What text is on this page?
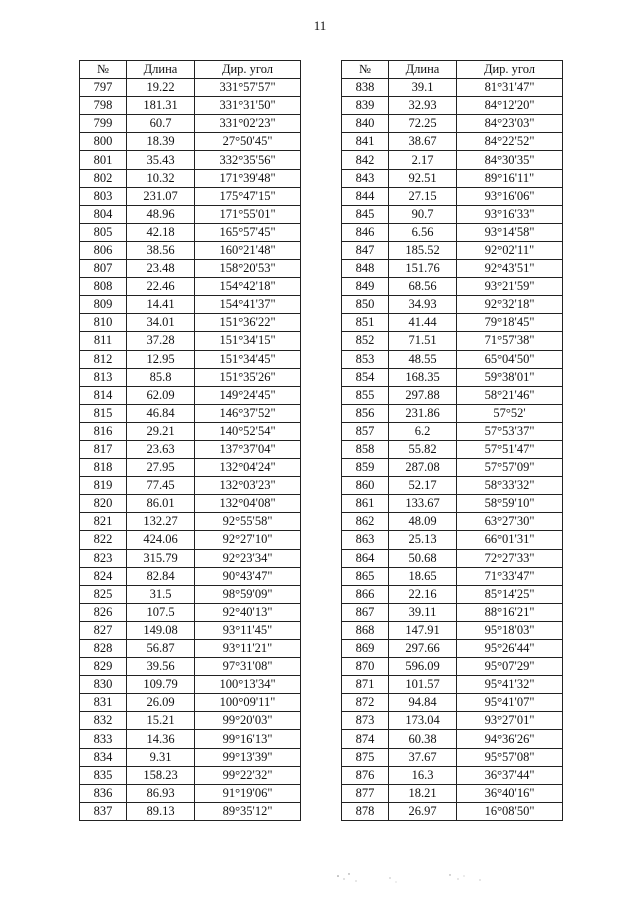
11
№	Длина	Дир. угол
797	19.22	331°57'57"
798	181.31	331°31'50"
799	60.7	331°02'23"
800	18.39	27°50'45"
801	35.43	332°35'56"
802	10.32	171°39'48"
803	231.07	175°47'15"
804	48.96	171°55'01"
805	42.18	165°57'45"
806	38.56	160°21'48"
807	23.48	158°20'53"
808	22.46	154°42'18"
809	14.41	154°41'37"
810	34.01	151°36'22"
811	37.28	151°34'15"
812	12.95	151°34'45"
813	85.8	151°35'26"
814	62.09	149°24'45"
815	46.84	146°37'52"
816	29.21	140°52'54"
817	23.63	137°37'04"
818	27.95	132°04'24"
819	77.45	132°03'23"
820	86.01	132°04'08"
821	132.27	92°55'58"
822	424.06	92°27'10"
823	315.79	92°23'34"
824	82.84	90°43'47"
825	31.5	98°59'09"
826	107.5	92°40'13"
827	149.08	93°11'45"
828	56.87	93°11'21"
829	39.56	97°31'08"
830	109.79	100°13'34"
831	26.09	100°09'11"
832	15.21	99°20'03"
833	14.36	99°16'13"
834	9.31	99°13'39"
835	158.23	99°22'32"
836	86.93	91°19'06"
837	89.13	89°35'12"
№	Длина	Дир. угол
838	39.1	81°31'47"
839	32.93	84°12'20"
840	72.25	84°23'03"
841	38.67	84°22'52"
842	2.17	84°30'35"
843	92.51	89°16'11"
844	27.15	93°16'06"
845	90.7	93°16'33"
846	6.56	93°14'58"
847	185.52	92°02'11"
848	151.76	92°43'51"
849	68.56	93°21'59"
850	34.93	92°32'18"
851	41.44	79°18'45"
852	71.51	71°57'38"
853	48.55	65°04'50"
854	168.35	59°38'01"
855	297.88	58°21'46"
856	231.86	57°52'
857	6.2	57°53'37"
858	55.82	57°51'47"
859	287.08	57°57'09"
860	52.17	58°33'32"
861	133.67	58°59'10"
862	48.09	63°27'30"
863	25.13	66°01'31"
864	50.68	72°27'33"
865	18.65	71°33'47"
866	22.16	85°14'25"
867	39.11	88°16'21"
868	147.91	95°18'03"
869	297.66	95°26'44"
870	596.09	95°07'29"
871	101.57	95°41'32"
872	94.84	95°41'07"
873	173.04	93°27'01"
874	60.38	94°36'26"
875	37.67	95°57'08"
876	16.3	36°37'44"
877	18.21	36°40'16"
878	26.97	16°08'50"
